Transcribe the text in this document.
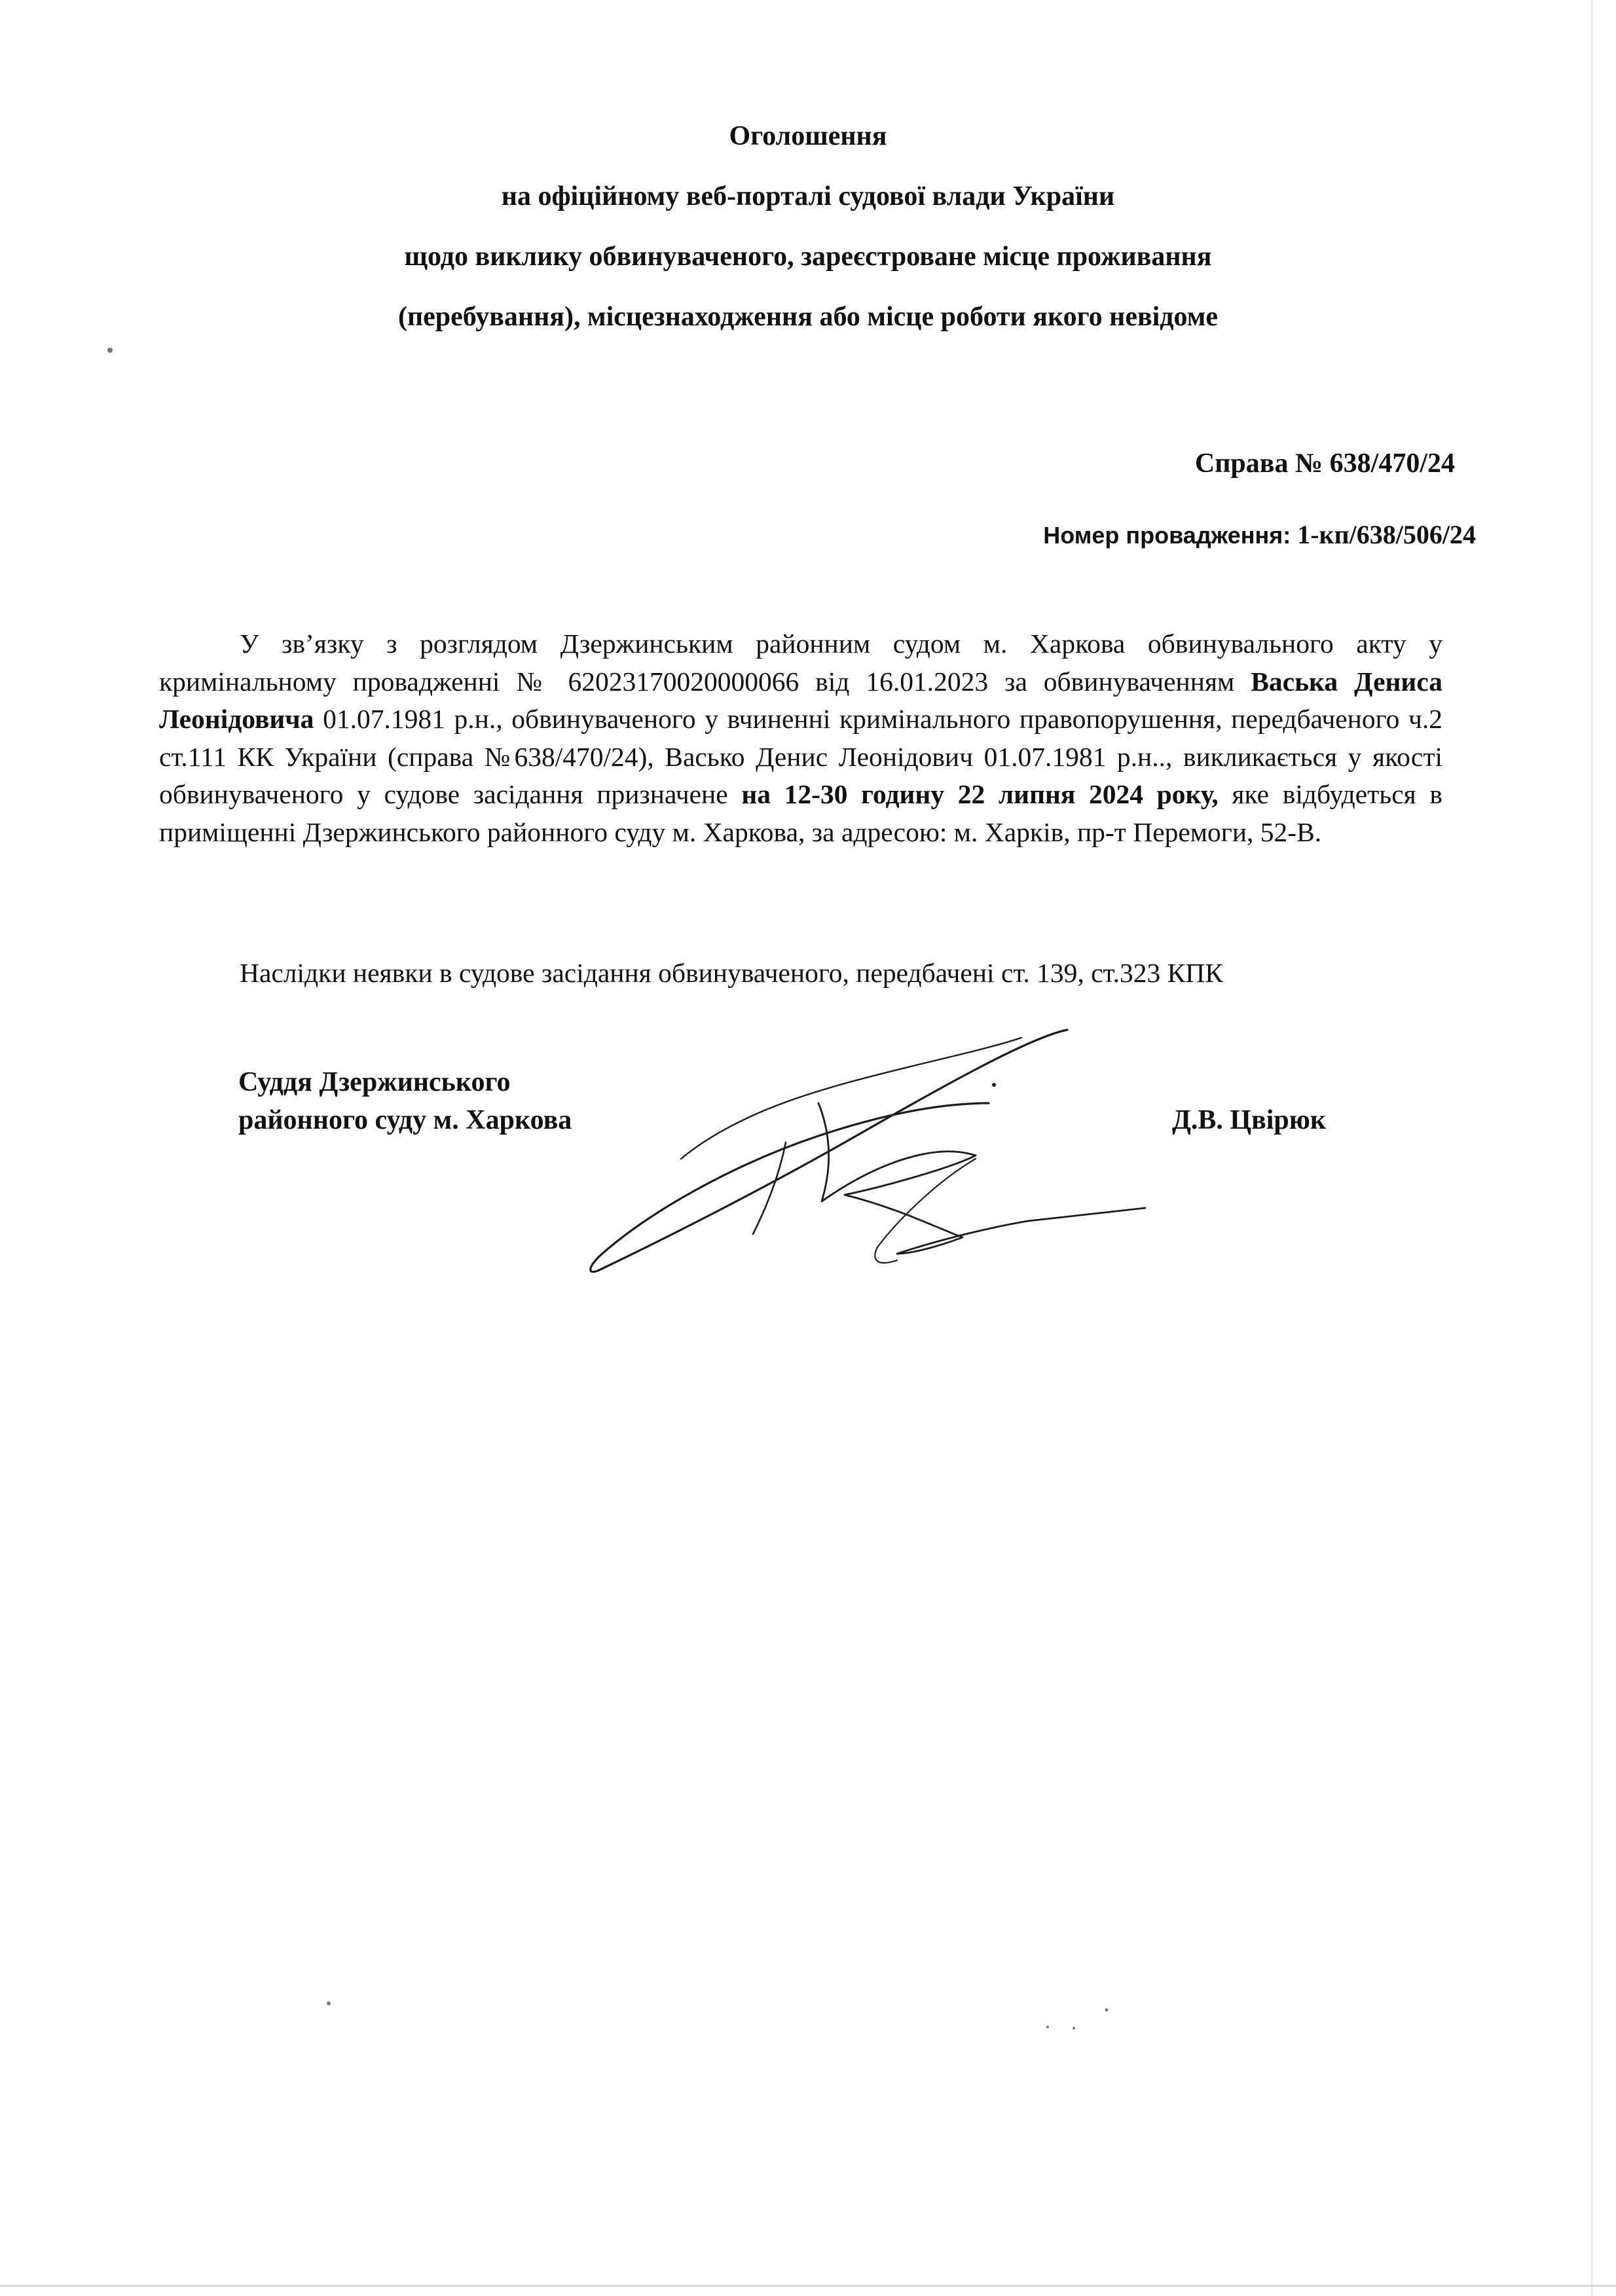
Оголошення
на офіційному веб-порталі судової влади України
щодо виклику обвинуваченого, зареєстроване місце проживання
(перебування), місцезнаходження або місце роботи якого невідоме
Справа № 638/470/24
Номер провадження: 1-кп/638/506/24

У зв’язку з розглядом Дзержинським районним судом м. Харкова обвинувального акту у кримінальному провадженні № 62023170020000066 від 16.01.2023 за обвинуваченням Васька Дениса Леонідовича 01.07.1981 р.н., обвинуваченого у вчиненні кримінального правопорушення, передбаченого ч.2 ст.111 КК України (справа №638/470/24), Васько Денис Леонідович 01.07.1981 р.н.., викликається у якості обвинуваченого у судове засідання призначене на 12-30 годину 22 липня 2024 року, яке відбудеться в приміщенні Дзержинського районного суду м. Харкова, за адресою: м. Харків, пр-т Перемоги, 52-В.

Наслідки неявки в судове засідання обвинуваченого, передбачені ст. 139, ст.323 КПК
Суддя Дзержинського
районного суду м. Харкова	Д.В. Цвірюк
